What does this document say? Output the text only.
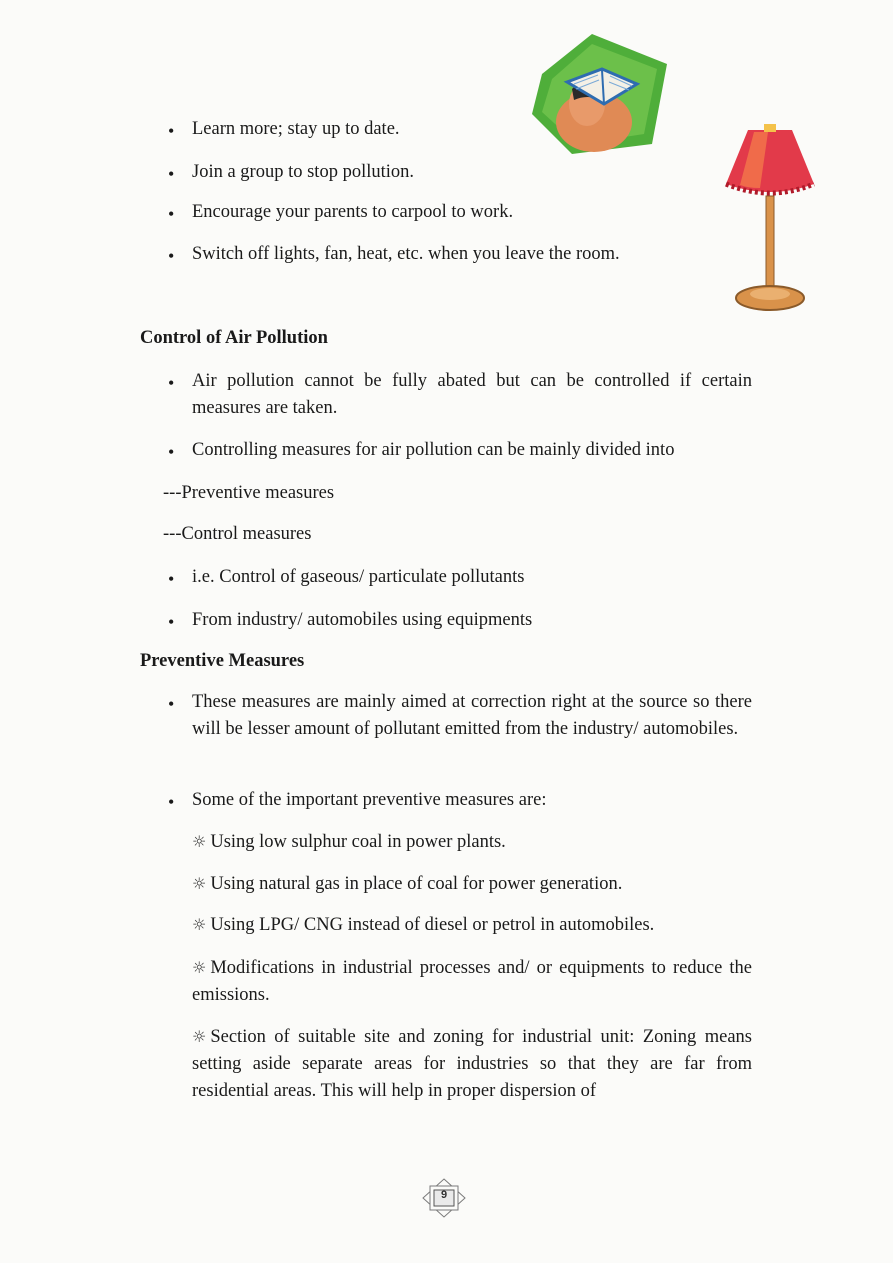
• Learn more; stay up to date.
• Join a group to stop pollution.
• Encourage your parents to carpool to work.
• Switch off lights, fan, heat, etc. when you leave the room.
Control of Air Pollution
• Air pollution cannot be fully abated but can be controlled if certain measures are taken.
• Controlling measures for air pollution can be mainly divided into
---Preventive measures
---Control measures
• i.e. Control of gaseous/ particulate pollutants
• From industry/ automobiles using equipments
Preventive Measures
• These measures are mainly aimed at correction right at the source so there will be lesser amount of pollutant emitted from the industry/ automobiles.
• Some of the important preventive measures are:
☼ Using low sulphur coal in power plants.
☼ Using natural gas in place of coal for power generation.
☼ Using LPG/ CNG instead of diesel or petrol in automobiles.
☼ Modifications in industrial processes and/ or equipments to reduce the emissions.
☼ Section of suitable site and zoning for industrial unit: Zoning means setting aside separate areas for industries so that they are far from residential areas. This will help in proper dispersion of
9
